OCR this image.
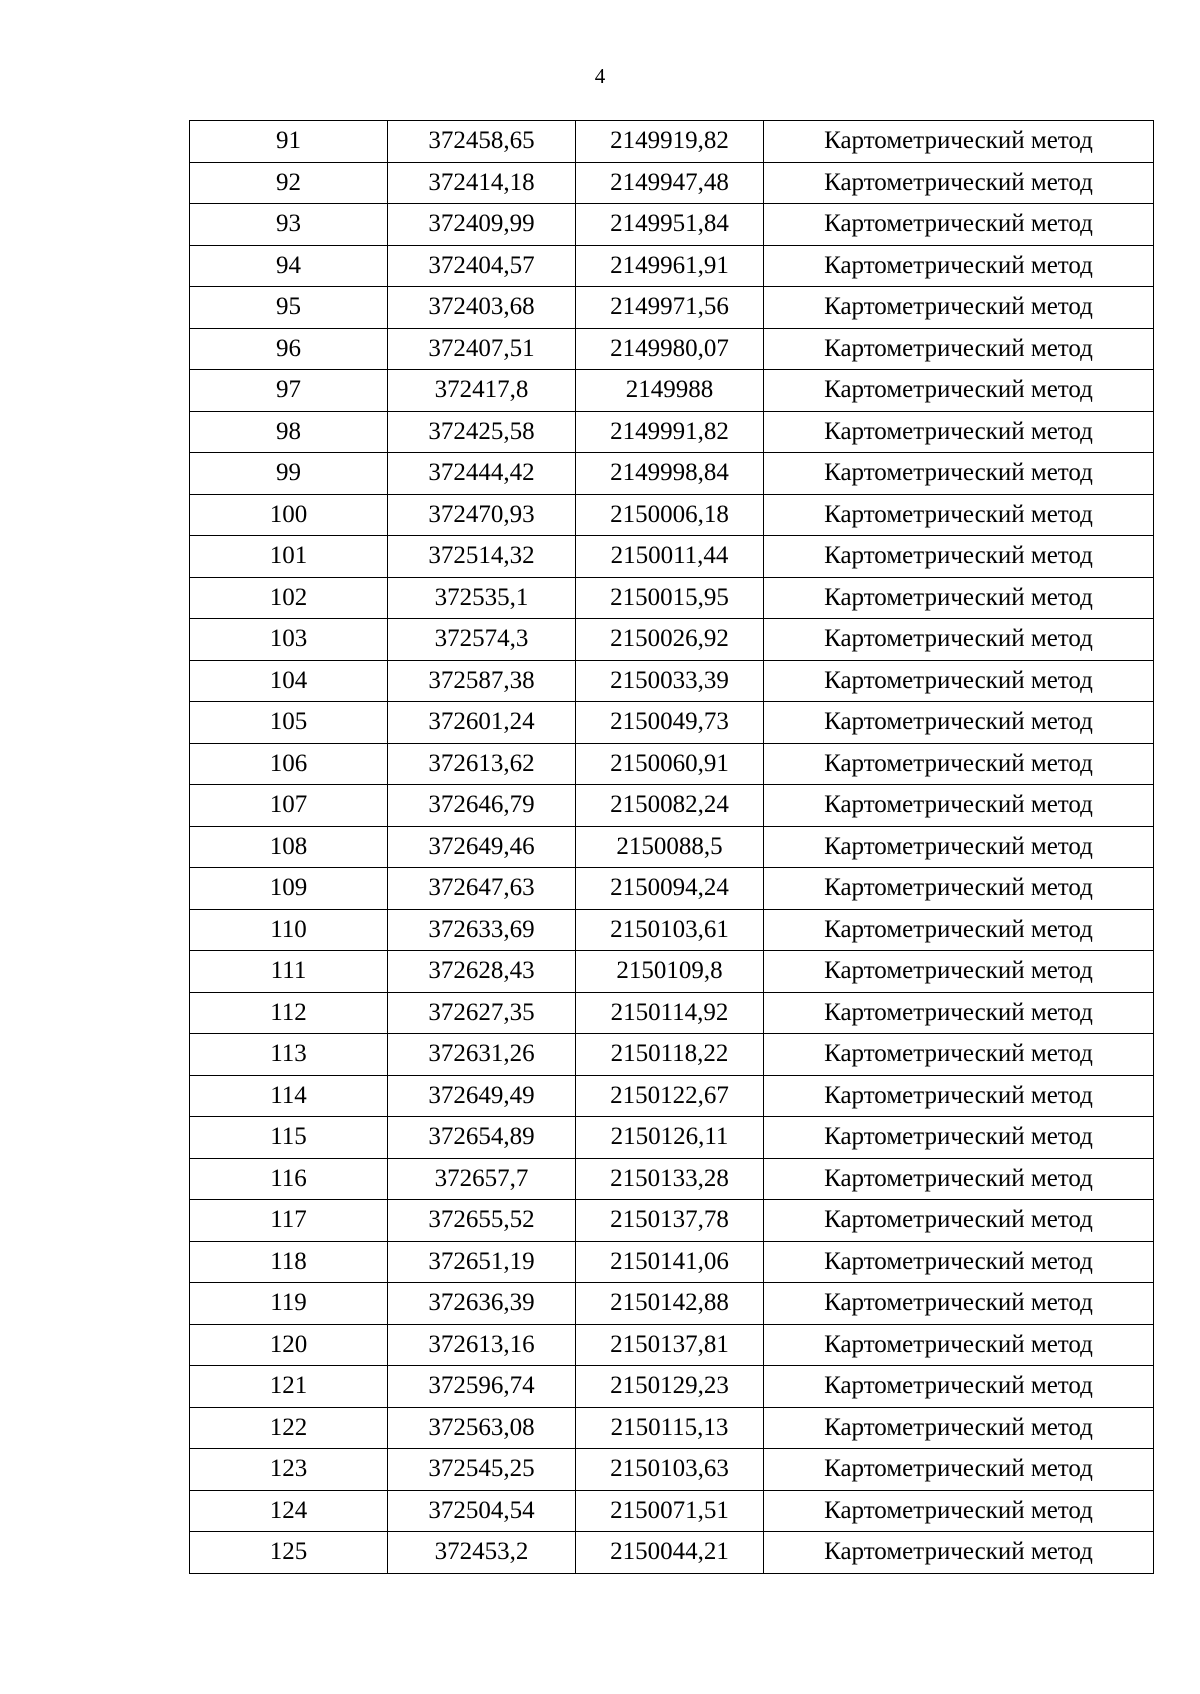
4
91	372458,65	2149919,82	Картометрический метод
92	372414,18	2149947,48	Картометрический метод
93	372409,99	2149951,84	Картометрический метод
94	372404,57	2149961,91	Картометрический метод
95	372403,68	2149971,56	Картометрический метод
96	372407,51	2149980,07	Картометрический метод
97	372417,8	2149988	Картометрический метод
98	372425,58	2149991,82	Картометрический метод
99	372444,42	2149998,84	Картометрический метод
100	372470,93	2150006,18	Картометрический метод
101	372514,32	2150011,44	Картометрический метод
102	372535,1	2150015,95	Картометрический метод
103	372574,3	2150026,92	Картометрический метод
104	372587,38	2150033,39	Картометрический метод
105	372601,24	2150049,73	Картометрический метод
106	372613,62	2150060,91	Картометрический метод
107	372646,79	2150082,24	Картометрический метод
108	372649,46	2150088,5	Картометрический метод
109	372647,63	2150094,24	Картометрический метод
110	372633,69	2150103,61	Картометрический метод
111	372628,43	2150109,8	Картометрический метод
112	372627,35	2150114,92	Картометрический метод
113	372631,26	2150118,22	Картометрический метод
114	372649,49	2150122,67	Картометрический метод
115	372654,89	2150126,11	Картометрический метод
116	372657,7	2150133,28	Картометрический метод
117	372655,52	2150137,78	Картометрический метод
118	372651,19	2150141,06	Картометрический метод
119	372636,39	2150142,88	Картометрический метод
120	372613,16	2150137,81	Картометрический метод
121	372596,74	2150129,23	Картометрический метод
122	372563,08	2150115,13	Картометрический метод
123	372545,25	2150103,63	Картометрический метод
124	372504,54	2150071,51	Картометрический метод
125	372453,2	2150044,21	Картометрический метод
